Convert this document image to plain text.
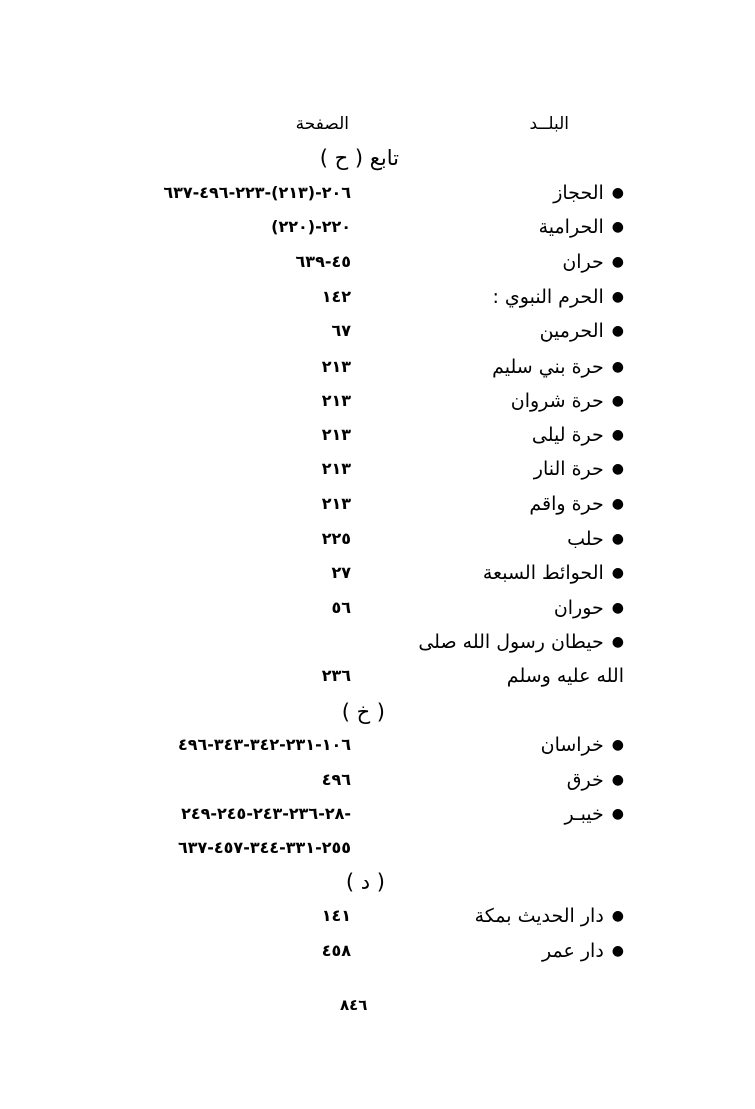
البلــد
الصفحة
تابع ( ح )
●الحجاز
٢٠٦-(٢١٣)-٢٢٣-٤٩٦-٦٣٧
●الحرامية
(٢٢٠)-٢٢٠
●حران
٤٥-٦٣٩
●الحرم النبوي :
١٤٢
●الحرمين
٦٧
●حرة بني سليم
٢١٣
●حرة شروان
٢١٣
●حرة ليلى
٢١٣
●حرة النار
٢١٣
●حرة واقم
٢١٣
●حلب
٢٢٥
●الحوائط السبعة
٢٧
●حوران
٥٦
●حيطان رسول الله صلى
الله عليه وسلم
٢٣٦
( خ )
●خراسان
١٠٦-٢٣١-٣٤٢-٣٤٣-٤٩٦
●خرق
٤٩٦
●خيبـر
٢٨-٢٣٦-٢٤٣-٢٤٥-٢٤٩-
٢٥٥-٣٣١-٣٤٤-٤٥٧-٦٣٧
( د )
●دار الحديث بمكة
١٤١
●دار عمر
٤٥٨
٨٤٦
